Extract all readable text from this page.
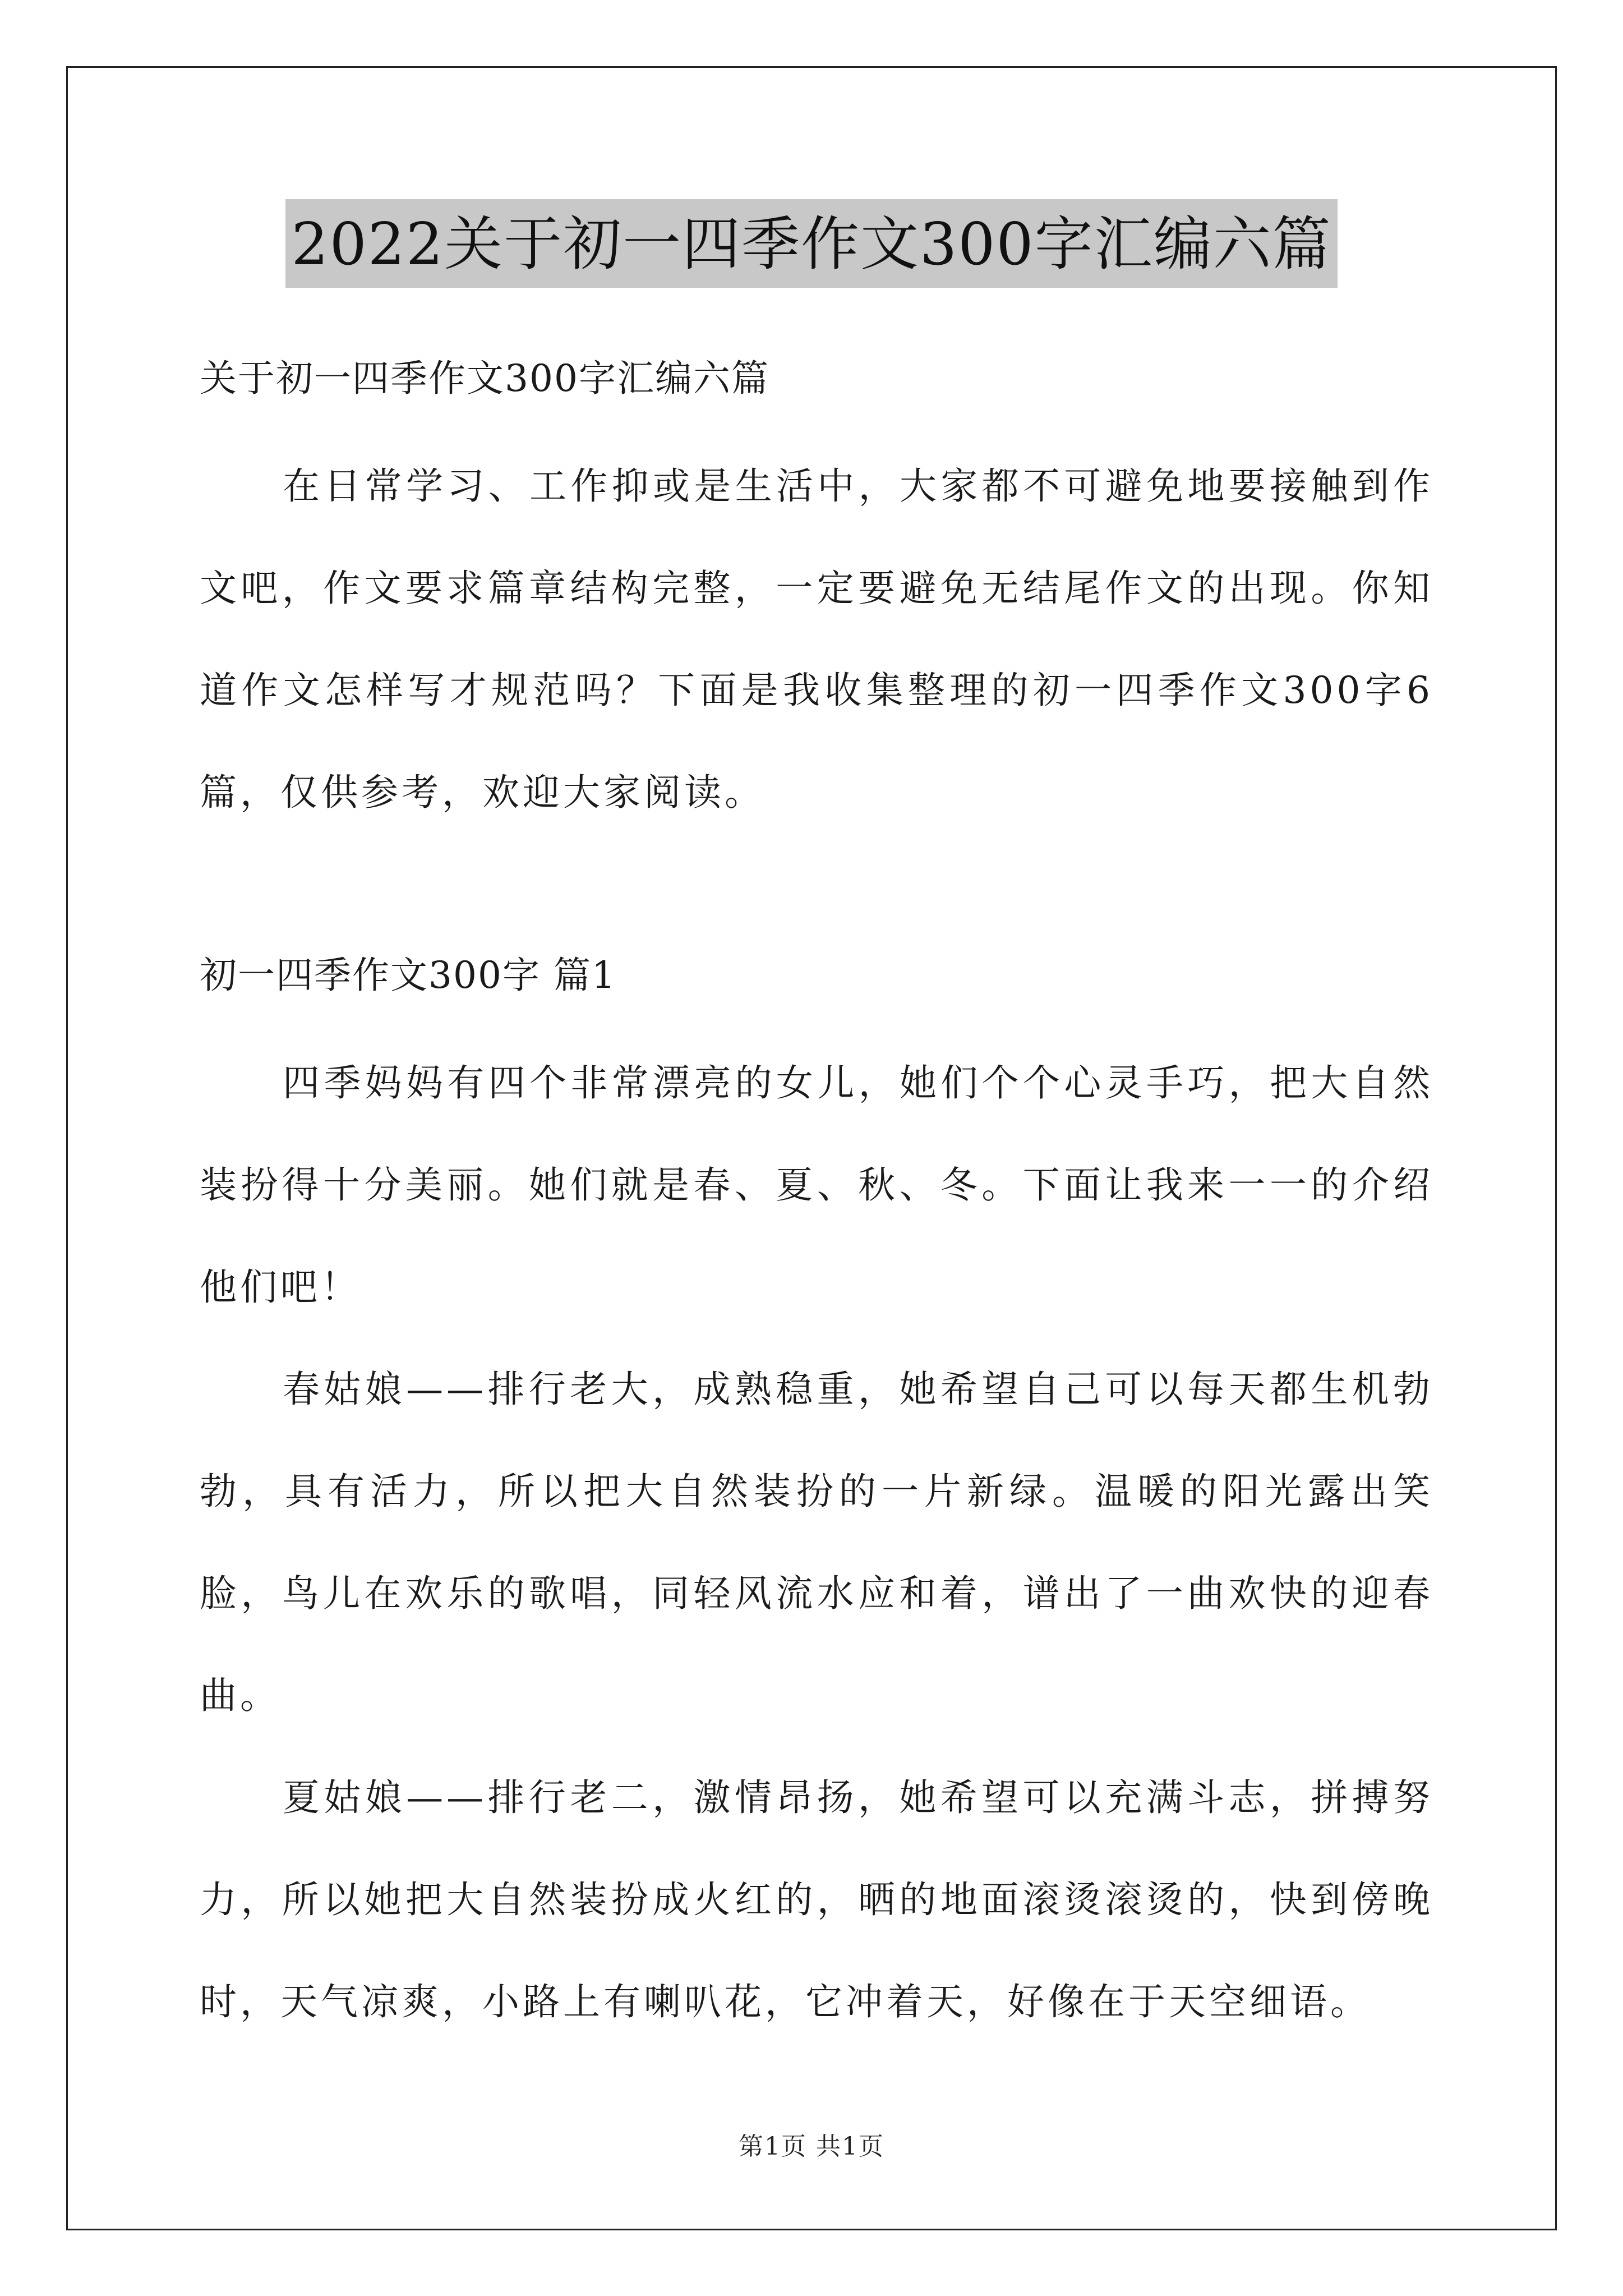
2022关于初一四季作文300字汇编六篇

关于初一四季作文300字汇编六篇

在日常学习、工作抑或是生活中，大家都不可避免地要接触到作文吧，作文要求篇章结构完整，一定要避免无结尾作文的出现。你知道作文怎样写才规范吗？下面是我收集整理的初一四季作文300字6篇，仅供参考，欢迎大家阅读。

初一四季作文300字 篇1

四季妈妈有四个非常漂亮的女儿，她们个个心灵手巧，把大自然装扮得十分美丽。她们就是春、夏、秋、冬。下面让我来一一的介绍他们吧！

春姑娘——排行老大，成熟稳重，她希望自己可以每天都生机勃勃，具有活力，所以把大自然装扮的一片新绿。温暖的阳光露出笑脸，鸟儿在欢乐的歌唱，同轻风流水应和着，谱出了一曲欢快的迎春曲。

夏姑娘——排行老二，激情昂扬，她希望可以充满斗志，拼搏努力，所以她把大自然装扮成火红的，晒的地面滚烫滚烫的，快到傍晚时，天气凉爽，小路上有喇叭花，它冲着天，好像在于天空细语。

第1页 共1页
